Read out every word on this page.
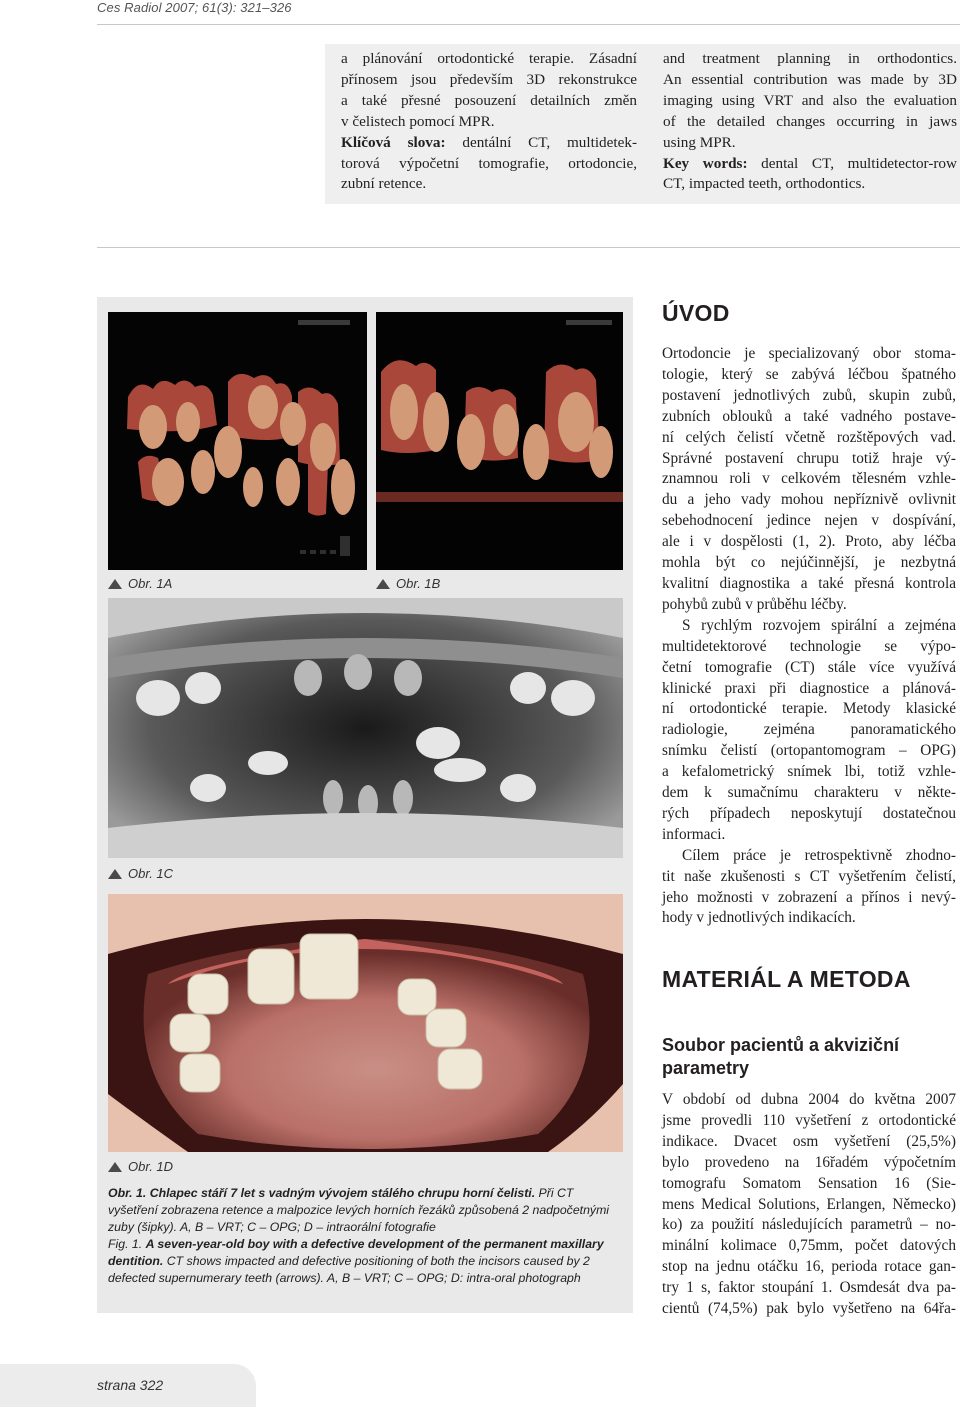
Ces Radiol 2007; 61(3): 321–326
a plánování ortodontické terapie. Zásadní
přínosem jsou především 3D rekonstrukce
a také přesné posouzení detailních změn
v čelistech pomocí MPR.
Klíčová slova: dentální CT, multidetek-
torová výpočetní tomografie, ortodoncie,
zubní retence.
and treatment planning in orthodontics.
An essential contribution was made by 3D
imaging using VRT and also the evaluation
of the detailed changes occurring in jaws
using MPR.
Key words: dental CT, multidetector-row
CT, impacted teeth, orthodontics.
Obr. 1A	Obr. 1B
Obr. 1C
Obr. 1D

Obr. 1. Chlapec stáří 7 let s vadným vývojem stálého chrupu horní čelisti. Při CT vyšetření zobrazena retence a malpozice levých horních řezáků způsobená 2 nadpočetnými zuby (šipky). A, B – VRT; C – OPG; D – intraorální fotografie

Fig. 1. A seven-year-old boy with a defective development of the permanent maxillary dentition. CT shows impacted and defective positioning of both the incisors caused by 2 defected supernumerary teeth (arrows). A, B – VRT; C – OPG; D: intra-oral photograph

ÚVOD
Ortodoncie je specializovaný obor stoma-
tologie, který se zabývá léčbou špatného
postavení jednotlivých zubů, skupin zubů,
zubních oblouků a také vadného postave-
ní celých čelistí včetně rozštěpových vad.
Správné postavení chrupu totiž hraje vý-
znamnou roli v celkovém tělesném vzhle-
du a jeho vady mohou nepříznivě ovlivnit
sebehodnocení jedince nejen v dospívání,
ale i v dospělosti (1, 2). Proto, aby léčba
mohla být co nejúčinnější, je nezbytná
kvalitní diagnostika a také přesná kontrola
pohybů zubů v průběhu léčby.
S rychlým rozvojem spirální a zejména
multidetektorové technologie se výpo-
četní tomografie (CT) stále více využívá
klinické praxi při diagnostice a plánová-
ní ortodontické terapie. Metody klasické
radiologie, zejména panoramatického
snímku čelistí (ortopantomogram – OPG)
a kefalometrický snímek lbi, totiž vzhle-
dem k sumačnímu charakteru v někte-
rých případech neposkytují dostatečnou
informaci.
Cílem práce je retrospektivně zhodno-
tit naše zkušenosti s CT vyšetřením čelistí,
jeho možnosti v zobrazení a přínos i nevý-
hody v jednotlivých indikacích.
MATERIÁL A METODA
Soubor pacientů a akviziční
parametry
V období od dubna 2004 do května 2007
jsme provedli 110 vyšetření z ortodontické
indikace. Dvacet osm vyšetření (25,5%)
bylo provedeno na 16řadém výpočetním
tomografu Somatom Sensation 16 (Sie-
mens Medical Solutions, Erlangen, Německo)
ko) za použití následujících parametrů – no-
minální kolimace 0,75mm, počet datových
stop na jednu otáčku 16, perioda rotace gan-
try 1 s, faktor stoupání 1. Osmdesát dva pa-
cientů (74,5%) pak bylo vyšetřeno na 64řa-
strana 322
